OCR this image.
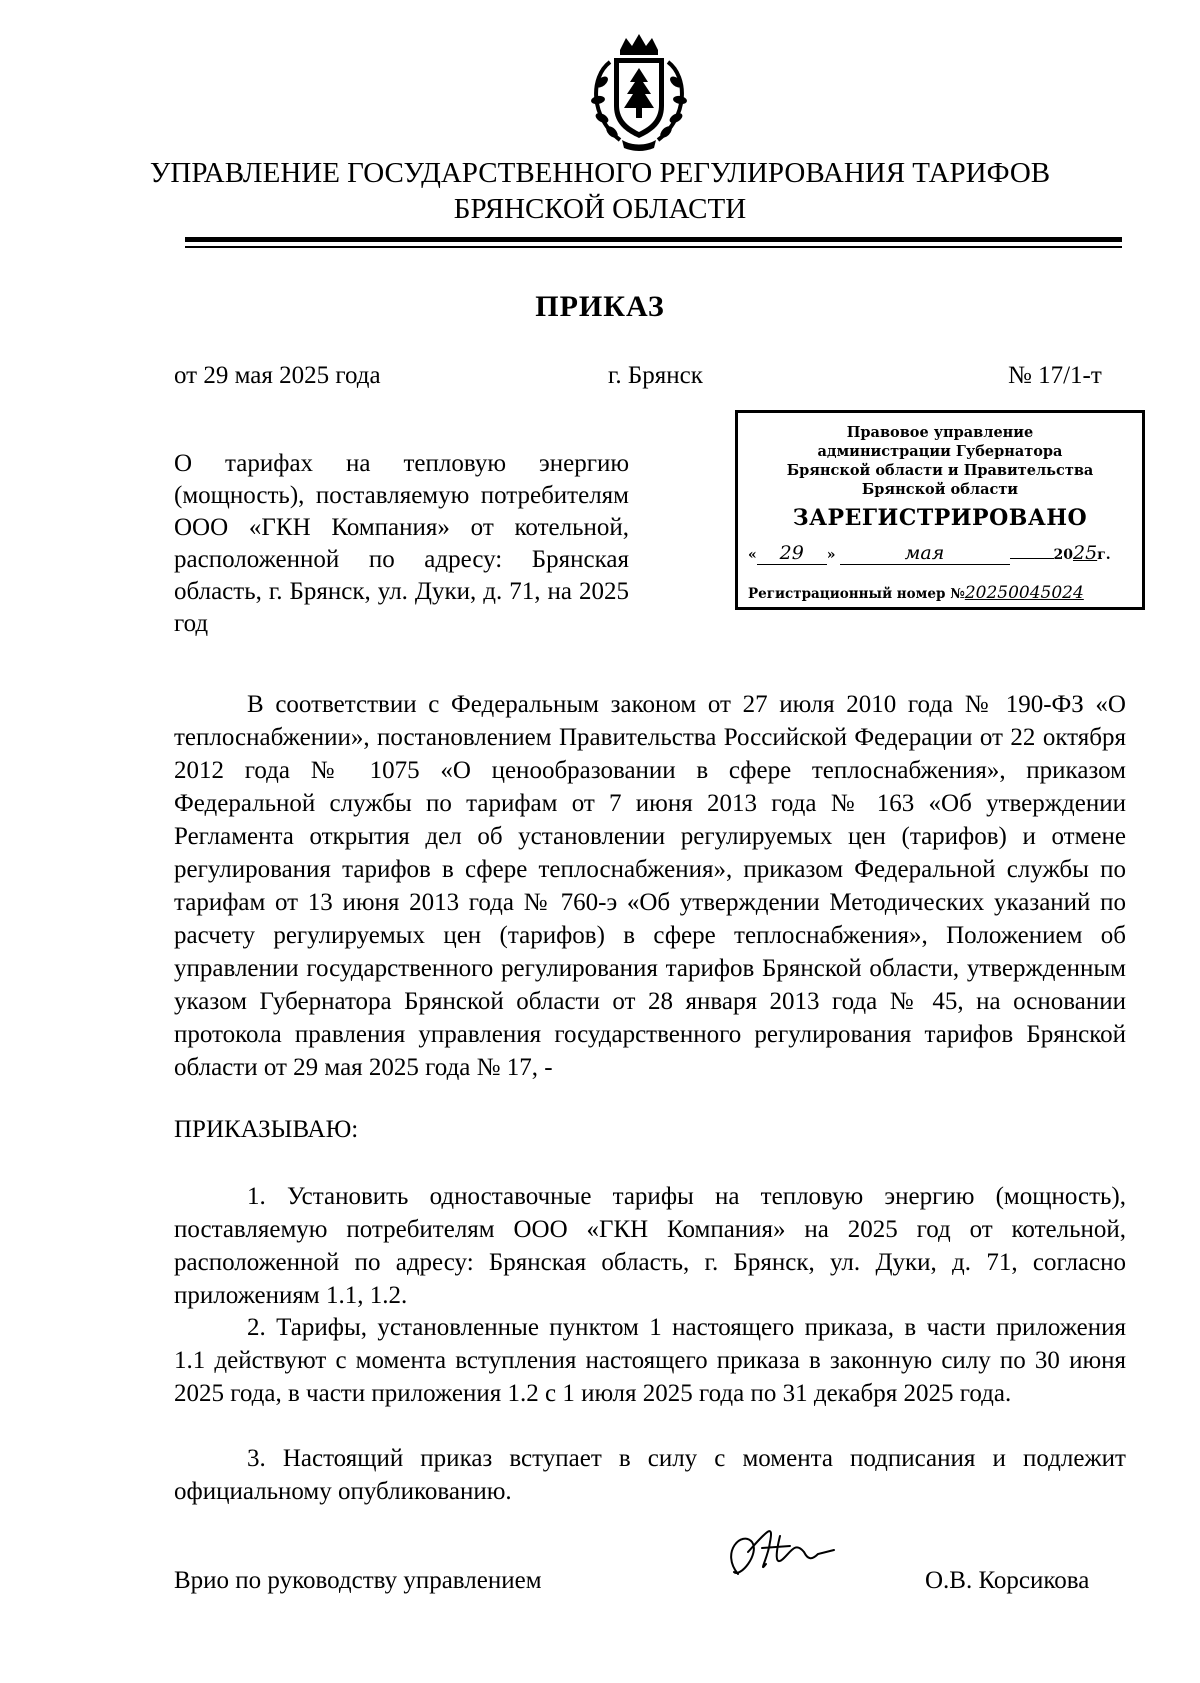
УПРАВЛЕНИЕ ГОСУДАРСТВЕННОГО РЕГУЛИРОВАНИЯ ТАРИФОВ
БРЯНСКОЙ ОБЛАСТИ
ПРИКАЗ
от 29 мая 2025 года	г. Брянск	№ 17/1-т
О тарифах на тепловую энергию (мощность), поставляемую потребителям ООО «ГКН Компания» от котельной, расположенной по адресу: Брянская область, г. Брянск, ул. Дуки, д. 71, на 2025 год
Правовое управление
администрации Губернатора
Брянской области и Правительства
Брянской области
ЗАРЕГИСТРИРОВАНО
« 29 »	мая	2025г.
Регистрационный номер №20250045024
В соответствии с Федеральным законом от 27 июля 2010 года № 190-ФЗ «О теплоснабжении», постановлением Правительства Российской Федерации от 22 октября 2012 года № 1075 «О ценообразовании в сфере теплоснабжения», приказом Федеральной службы по тарифам от 7 июня 2013 года № 163 «Об утверждении Регламента открытия дел об установлении регулируемых цен (тарифов) и отмене регулирования тарифов в сфере теплоснабжения», приказом Федеральной службы по тарифам от 13 июня 2013 года № 760-э «Об утверждении Методических указаний по расчету регулируемых цен (тарифов) в сфере теплоснабжения», Положением об управлении государственного регулирования тарифов Брянской области, утвержденным указом Губернатора Брянской области от 28 января 2013 года № 45, на основании протокола правления управления государственного регулирования тарифов Брянской области от 29 мая 2025 года № 17, -
ПРИКАЗЫВАЮ:
1. Установить одноставочные тарифы на тепловую энергию (мощность), поставляемую потребителям ООО «ГКН Компания» на 2025 год от котельной, расположенной по адресу: Брянская область, г. Брянск, ул. Дуки, д. 71, согласно приложениям 1.1, 1.2.
2. Тарифы, установленные пунктом 1 настоящего приказа, в части приложения 1.1 действуют с момента вступления настоящего приказа в законную силу по 30 июня 2025 года, в части приложения 1.2 с 1 июля 2025 года по 31 декабря 2025 года.
3. Настоящий приказ вступает в силу с момента подписания и подлежит официальному опубликованию.
Врио по руководству управлением	О.В. Корсикова
